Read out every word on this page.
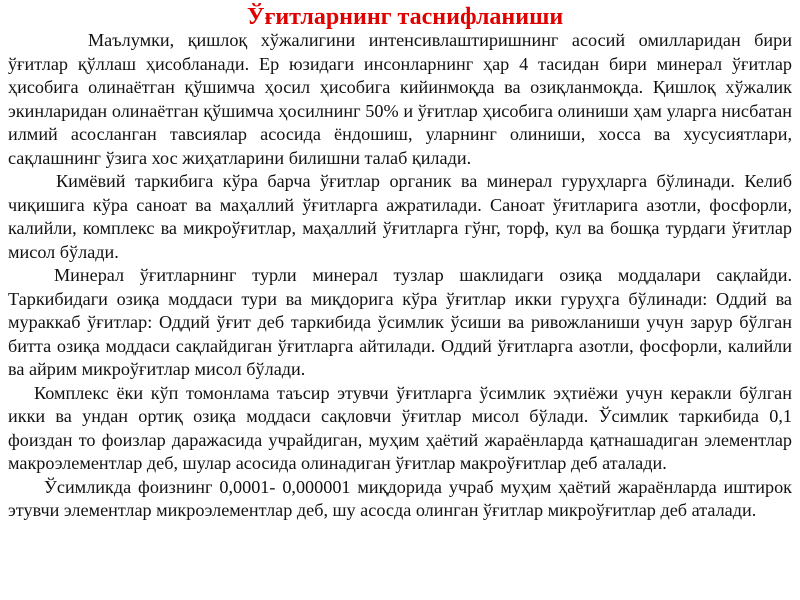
Ўғитларнинг таснифланиши

Маълумки, қишлоқ хўжалигини интенсивлаштиришнинг асосий омилларидан бири ўғитлар қўллаш ҳисобланади. Ер юзидаги инсонларнинг ҳар 4 тасидан бири минерал ўғитлар ҳисобига олинаётган қўшимча ҳосил ҳисобига кийинмоқда ва озиқланмоқда. Қишлоқ хўжалик экинларидан олинаётган қўшимча ҳосилнинг 50% и ўғитлар ҳисобига олиниши ҳам уларга нисбатан илмий асосланган тавсиялар асосида ёндошиш, уларнинг олиниши, хосса ва хусусиятлари, сақлашнинг ўзига хос жиҳатларини билишни талаб қилади.

Кимёвий таркибига кўра барча ўғитлар органик ва минерал гуруҳларга бўлинади. Келиб чиқишига кўра саноат ва маҳаллий ўғитларга ажратилади. Саноат ўғитларига азотли, фосфорли, калийли, комплекс ва микроўғитлар, маҳаллий ўғитларга гўнг, торф, кул ва бошқа турдаги ўғитлар мисол бўлади.

Минерал ўғитларнинг турли минерал тузлар шаклидаги озиқа моддалари сақлайди. Таркибидаги озиқа моддаси тури ва миқдорига кўра ўғитлар икки гуруҳга бўлинади: Оддий ва мураккаб ўғитлар: Оддий ўғит деб таркибида ўсимлик ўсиши ва ривожланиши учун зарур бўлган битта озиқа моддаси сақлайдиган ўғитларга айтилади. Оддий ўғитларга азотли, фосфорли, калийли ва айрим микроўғитлар мисол бўлади.

Комплекс ёки кўп томонлама таъсир этувчи ўғитларга ўсимлик эҳтиёжи учун керакли бўлган икки ва ундан ортиқ озиқа моддаси сақловчи ўғитлар мисол бўлади. Ўсимлик таркибида 0,1 фоиздан то фоизлар даражасида учрайдиган, муҳим ҳаётий жараёнларда қатнашадиган элементлар макроэлементлар деб, шулар асосида олинадиган ўғитлар макроўғитлар деб аталади.

Ўсимликда фоизнинг 0,0001- 0,000001 миқдорида учраб муҳим ҳаётий жараёнларда иштирок этувчи элементлар микроэлементлар деб, шу асосда олинган ўғитлар микроўғитлар деб аталади.
